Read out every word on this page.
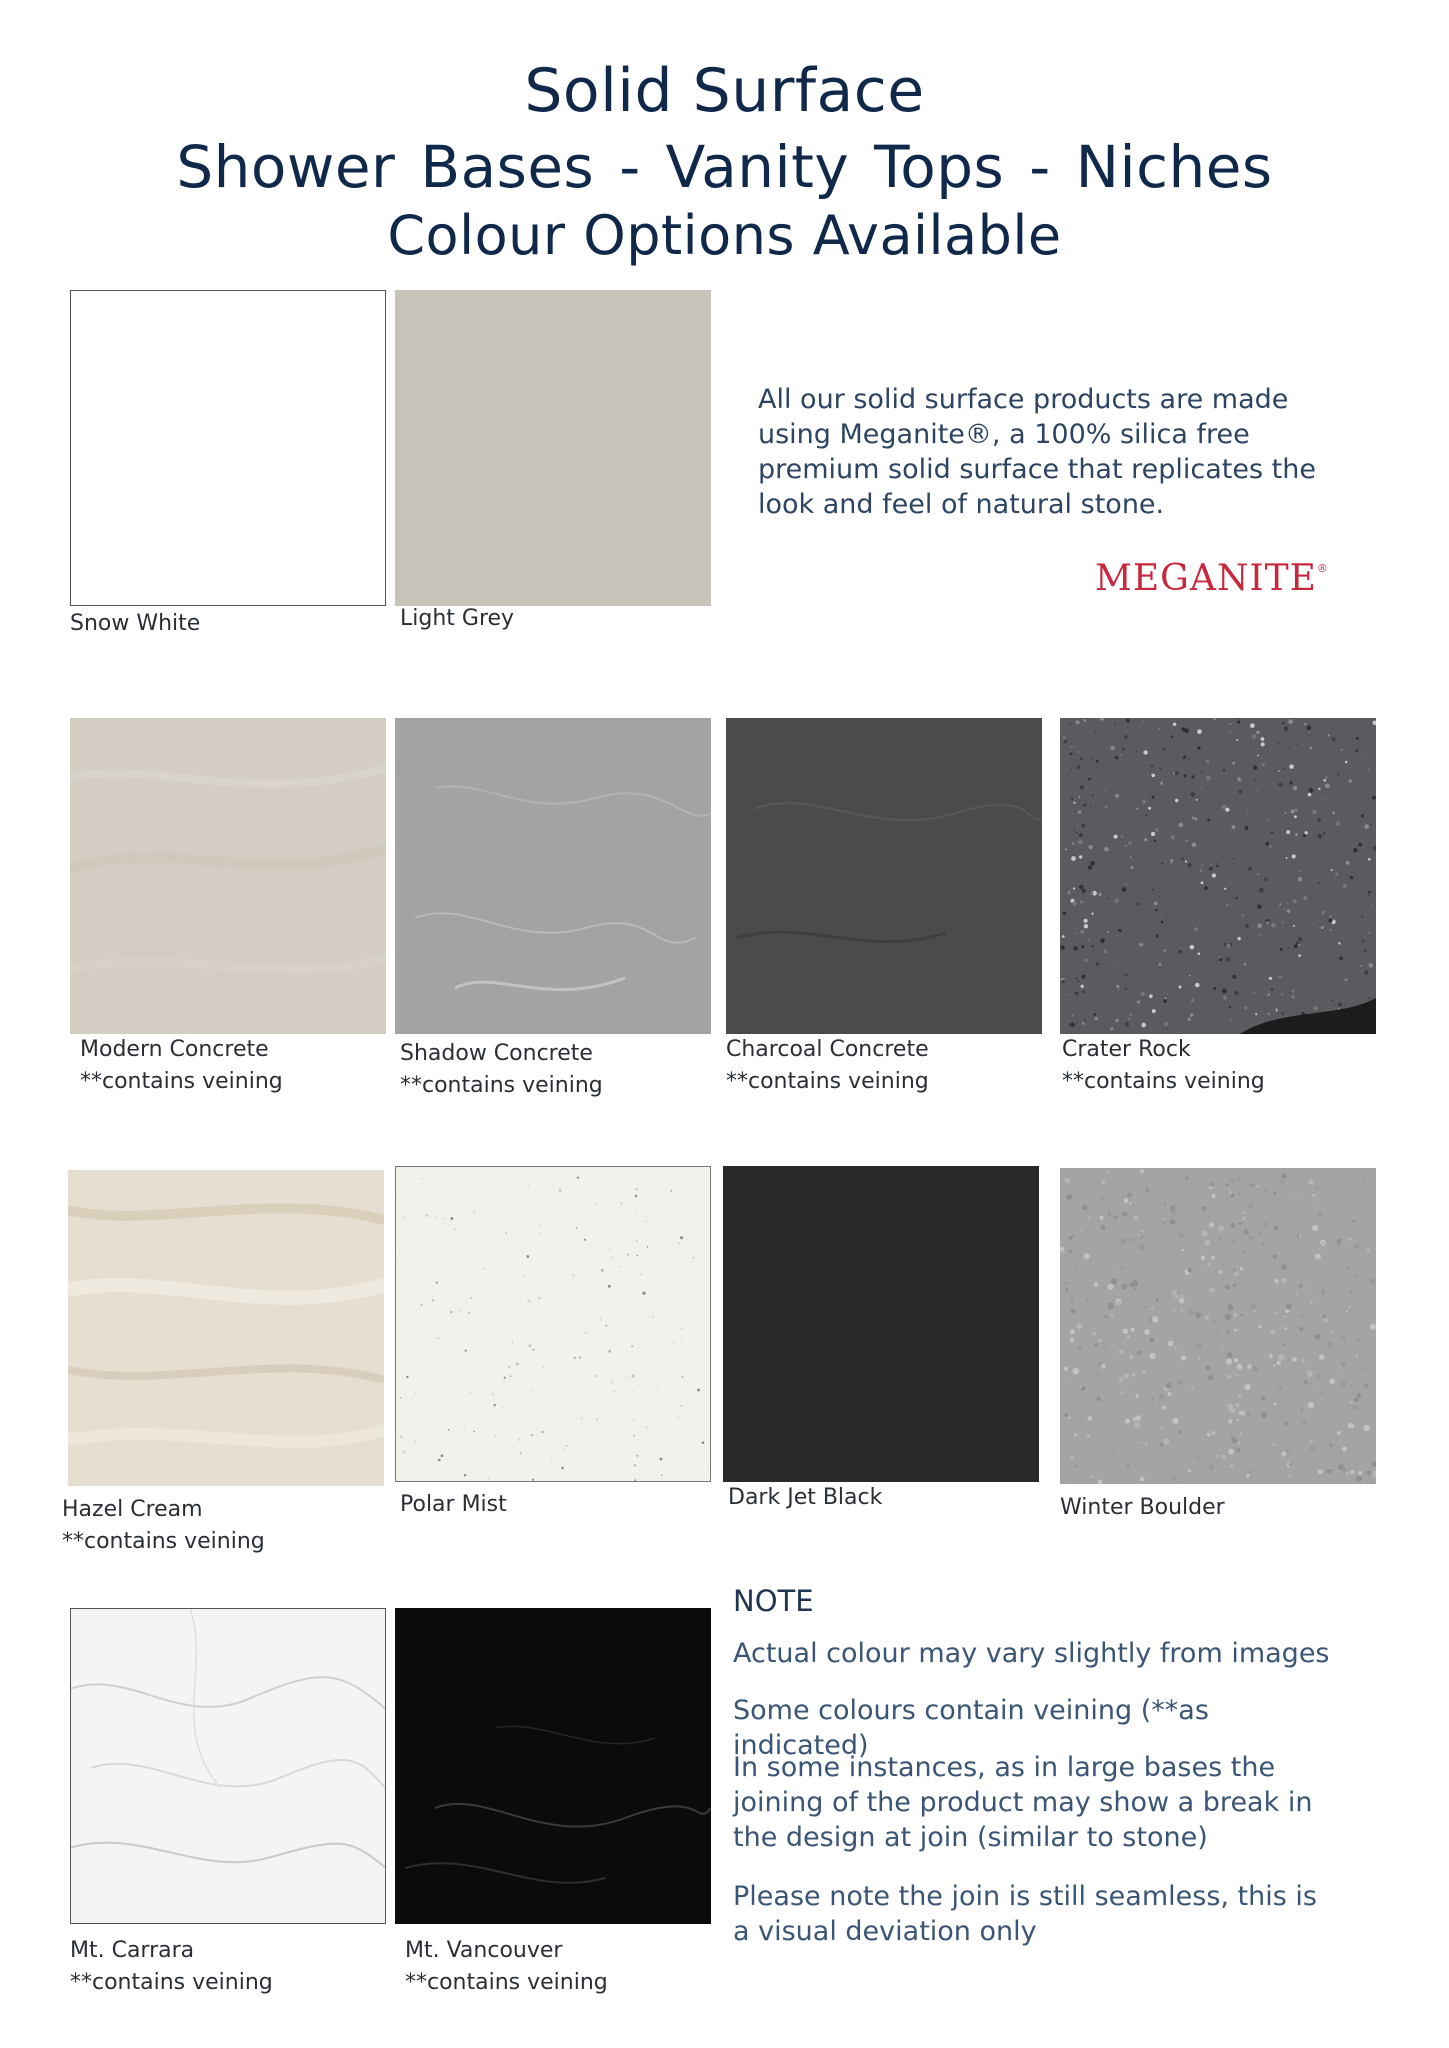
Solid Surface
Shower Bases - Vanity Tops - Niches
Colour Options Available
Snow White	Light Grey
All our solid surface products are made using Meganite®, a 100% silica free premium solid surface that replicates the look and feel of natural stone.
MEGANITE®
Modern Concrete
**contains veining
Shadow Concrete
**contains veining
Charcoal Concrete
**contains veining
Crater Rock
**contains veining
Hazel Cream
**contains veining
Polar Mist	Dark Jet Black	Winter Boulder
Mt. Carrara
**contains veining
Mt. Vancouver
**contains veining
NOTE
Actual colour may vary slightly from images
Some colours contain veining (**as indicated)
In some instances, as in large bases the joining of the product may show a break in the design at join (similar to stone)
Please note the join is still seamless, this is a visual deviation only
